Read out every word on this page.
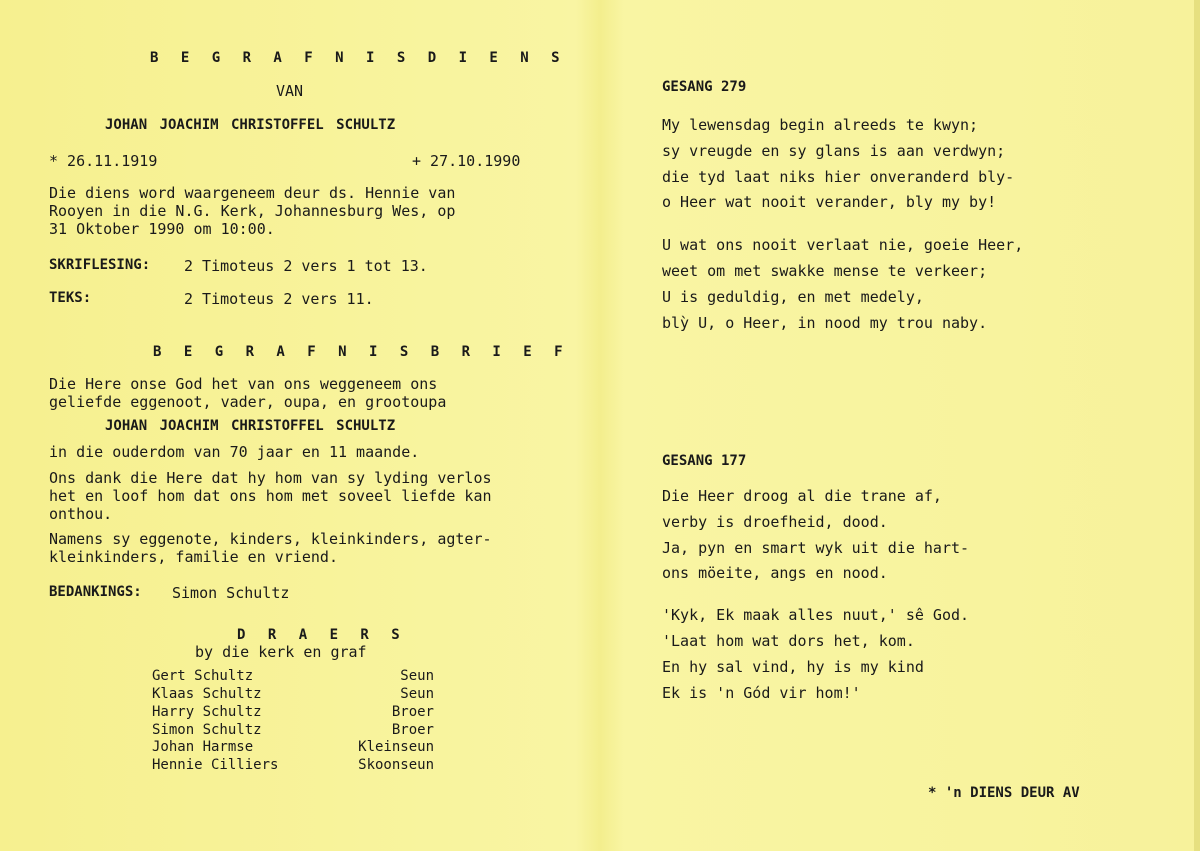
B E G R A F N I S D I E N S
VAN
JOHAN JOACHIM CHRISTOFFEL SCHULTZ
* 26.11.1919	+ 27.10.1990
Die diens word waargeneem deur ds. Hennie van
Rooyen in die N.G. Kerk, Johannesburg Wes, op
31 Oktober 1990 om 10:00.
SKRIFLESING: 2 Timoteus 2 vers 1 tot 13.
TEKS:	2 Timoteus 2 vers 11.
B E G R A F N I S B R I E F
Die Here onse God het van ons weggeneem ons
geliefde eggenoot, vader, oupa, en grootoupa
JOHAN JOACHIM CHRISTOFFEL SCHULTZ
in die ouderdom van 70 jaar en 11 maande.
Ons dank die Here dat hy hom van sy lyding verlos
het en loof hom dat ons hom met soveel liefde kan
onthou.
Namens sy eggenote, kinders, kleinkinders, agter-
kleinkinders, familie en vriend.
BEDANKINGS: Simon Schultz
D R A E R S
by die kerk en graf
Gert Schultz	Seun
Klaas Schultz	Seun
Harry Schultz	Broer
Simon Schultz	Broer
Johan Harmse	Kleinseun
Hennie Cilliers	Skoonseun
GESANG 279
My lewensdag begin alreeds te kwyn;
sy vreugde en sy glans is aan verdwyn;
die tyd laat niks hier onveranderd bly-
o Heer wat nooit verander, bly my by!
U wat ons nooit verlaat nie, goeie Heer,
weet om met swakke mense te verkeer;
U is geduldig, en met medely,
blỳ U, o Heer, in nood my trou naby.
GESANG 177
Die Heer droog al die trane af,
verby is droefheid, dood.
Ja, pyn en smart wyk uit die hart-
ons möeite, angs en nood.
'Kyk, Ek maak alles nuut,' sê God.
'Laat hom wat dors het, kom.
En hy sal vind, hy is my kind
Ek is 'n Gód vir hom!'
* 'n DIENS DEUR AV
